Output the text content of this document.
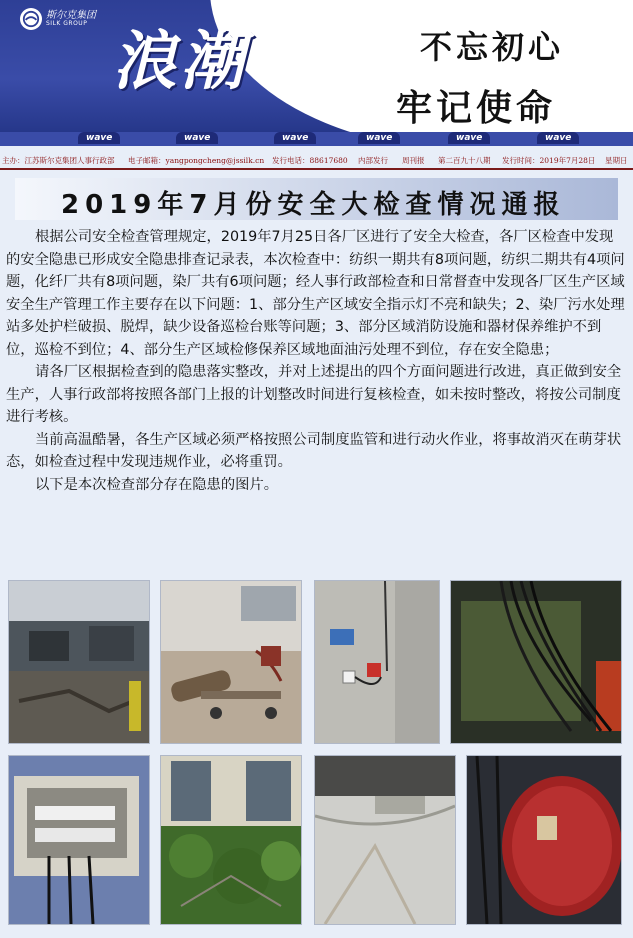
斯尔克集团
SILK GROUP
浪潮	不忘初心
牢记使命
wave	wave	wave	wave	wave	wave
主办：江苏斯尔克集团人事行政部 电子邮箱：yangpongcheng@jssilk.cn 发行电话：88617680 内部发行 周刊报 第二百九十八期 发行时间：2019年7月28日 星期日
2019年7月份安全大检查情况通报

根据公司安全检查管理规定，2019年7月25日各厂区进行了安全大检查，各厂区检查中发现的安全隐患已形成安全隐患排查记录表，本次检查中：纺织一期共有8项问题，纺织二期共有4项问题，化纤厂共有8项问题，染厂共有6项问题；经人事行政部检查和日常督查中发现各厂区生产区域安全生产管理工作主要存在以下问题：1、部分生产区域安全指示灯不亮和缺失；2、染厂污水处理站多处护栏破损、脱焊，缺少设备巡检台账等问题；3、部分区域消防设施和器材保养维护不到位，巡检不到位；4、部分生产区域检修保养区域地面油污处理不到位，存在安全隐患；

请各厂区根据检查到的隐患落实整改，并对上述提出的四个方面问题进行改进，真正做到安全生产，人事行政部将按照各部门上报的计划整改时间进行复核检查，如未按时整改，将按公司制度进行考核。

当前高温酷暑，各生产区域必须严格按照公司制度监管和进行动火作业，将事故消灭在萌芽状态，如检查过程中发现违规作业，必将重罚。

以下是本次检查部分存在隐患的图片。
